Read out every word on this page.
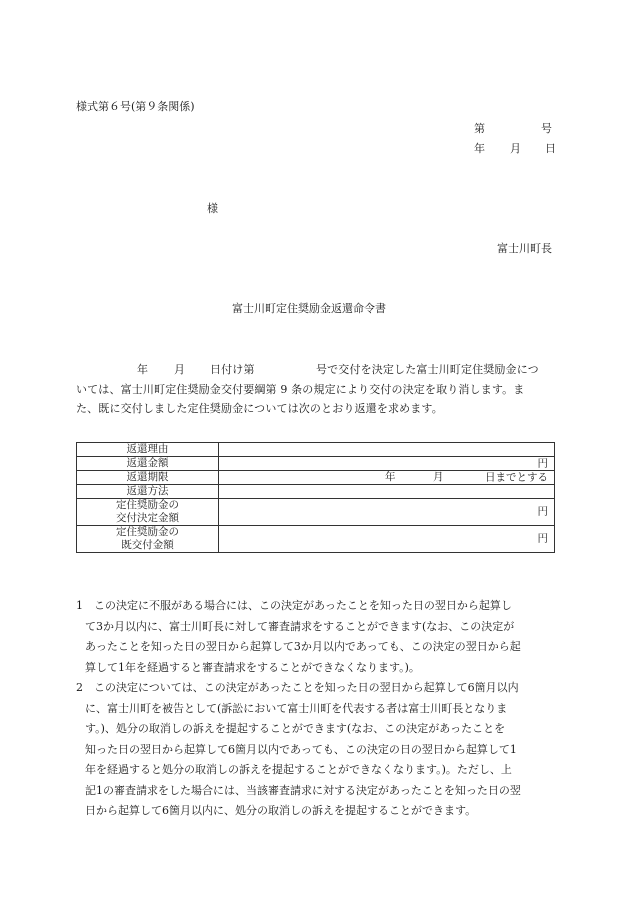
様式第６号(第９条関係)
第	号
年 月 日
様
富士川町長
富士川町定住奨励金返還命令書

年 月 日付け第	号で交付を決定した富士川町定住奨励金につ

いては、富士川町定住奨励金交付要綱第 9 条の規定により交付の決定を取り消します。ま

た、既に交付しました定住奨励金については次のとおり返還を求めます。

返還理由	
返還金額	円

返還期限	年 月 日までとする

返還方法	

定住奨励金の
交付決定金額	円

定住奨励金の
既交付金額	円
1 この決定に不服がある場合には、この決定があったことを知った日の翌日から起算し
て3か月以内に、富士川町長に対して審査請求をすることができます(なお、この決定が
あったことを知った日の翌日から起算して3か月以内であっても、この決定の翌日から起
算して1年を経過すると審査請求をすることができなくなります。)。
2 この決定については、この決定があったことを知った日の翌日から起算して6箇月以内
に、富士川町を被告として(訴訟において富士川町を代表する者は富士川町長となりま
す。)、処分の取消しの訴えを提起することができます(なお、この決定があったことを
知った日の翌日から起算して6箇月以内であっても、この決定の日の翌日から起算して1
年を経過すると処分の取消しの訴えを提起することができなくなります。)。ただし、上
記1の審査請求をした場合には、当該審査請求に対する決定があったことを知った日の翌
日から起算して6箇月以内に、処分の取消しの訴えを提起することができます。
